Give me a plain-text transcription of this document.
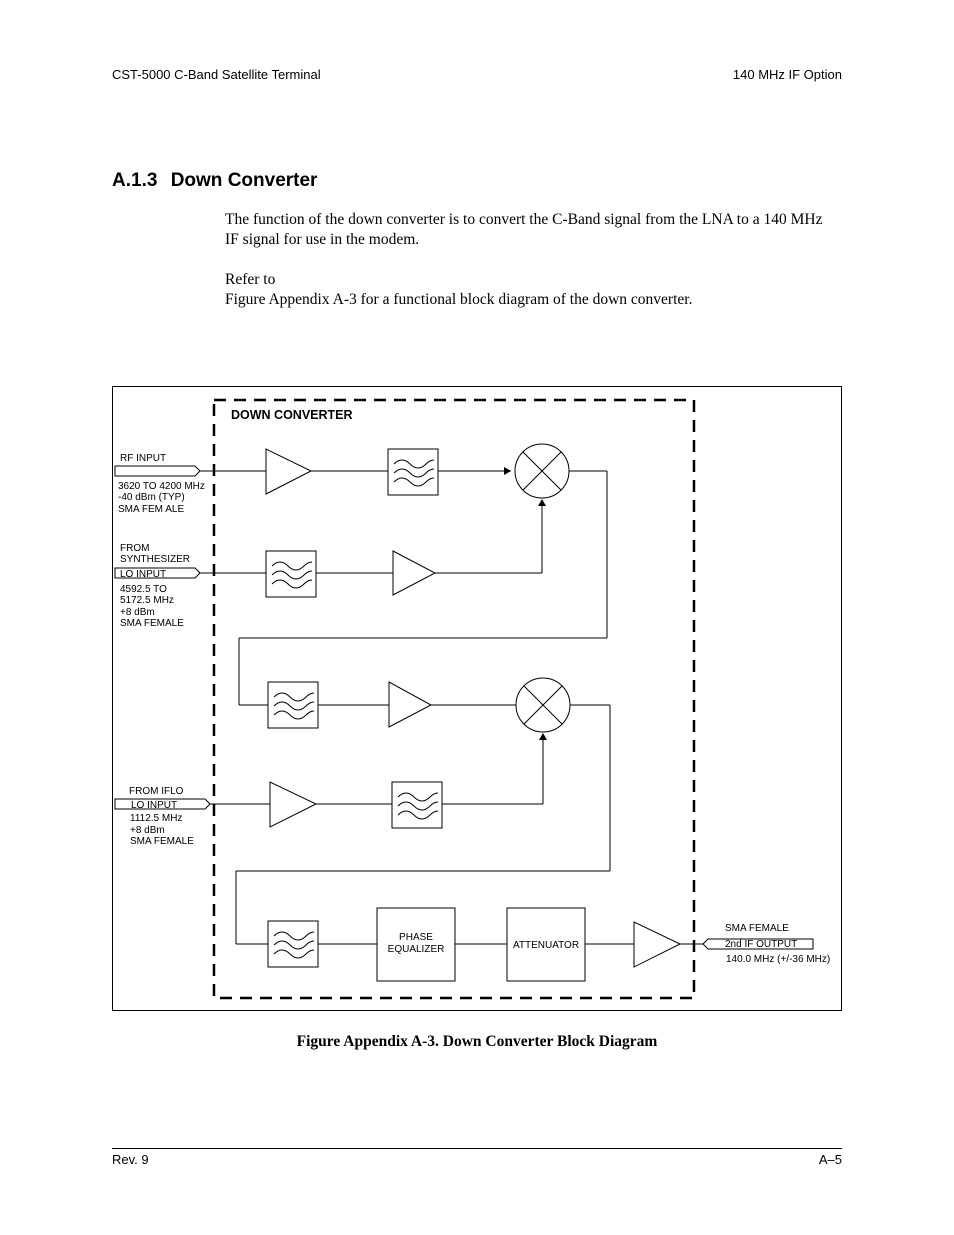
CST-5000 C-Band Satellite Terminal	140 MHz IF Option
A.1.3 Down Converter
The function of the down converter is to convert the C-Band signal from the LNA to a 140 MHz IF signal for use in the modem.
Refer to
Figure Appendix A-3 for a functional block diagram of the down converter.
DOWN CONVERTER
RF INPUT
3620 TO 4200 MHz
-40 dBm (TYP)
SMA FEM ALE
FROM
SYNTHESIZER
LO INPUT
4592.5 TO
5172.5 MHz
+8 dBm
SMA FEMALE
FROM IFLO
LO INPUT
1112.5 MHz
+8 dBm
SMA FEMALE
PHASE
EQUALIZER	ATTENUATOR
SMA FEMALE
2nd IF OUTPUT
140.0 MHz (+/-36 MHz)
Figure Appendix A-3. Down Converter Block Diagram
Rev. 9	A–5
